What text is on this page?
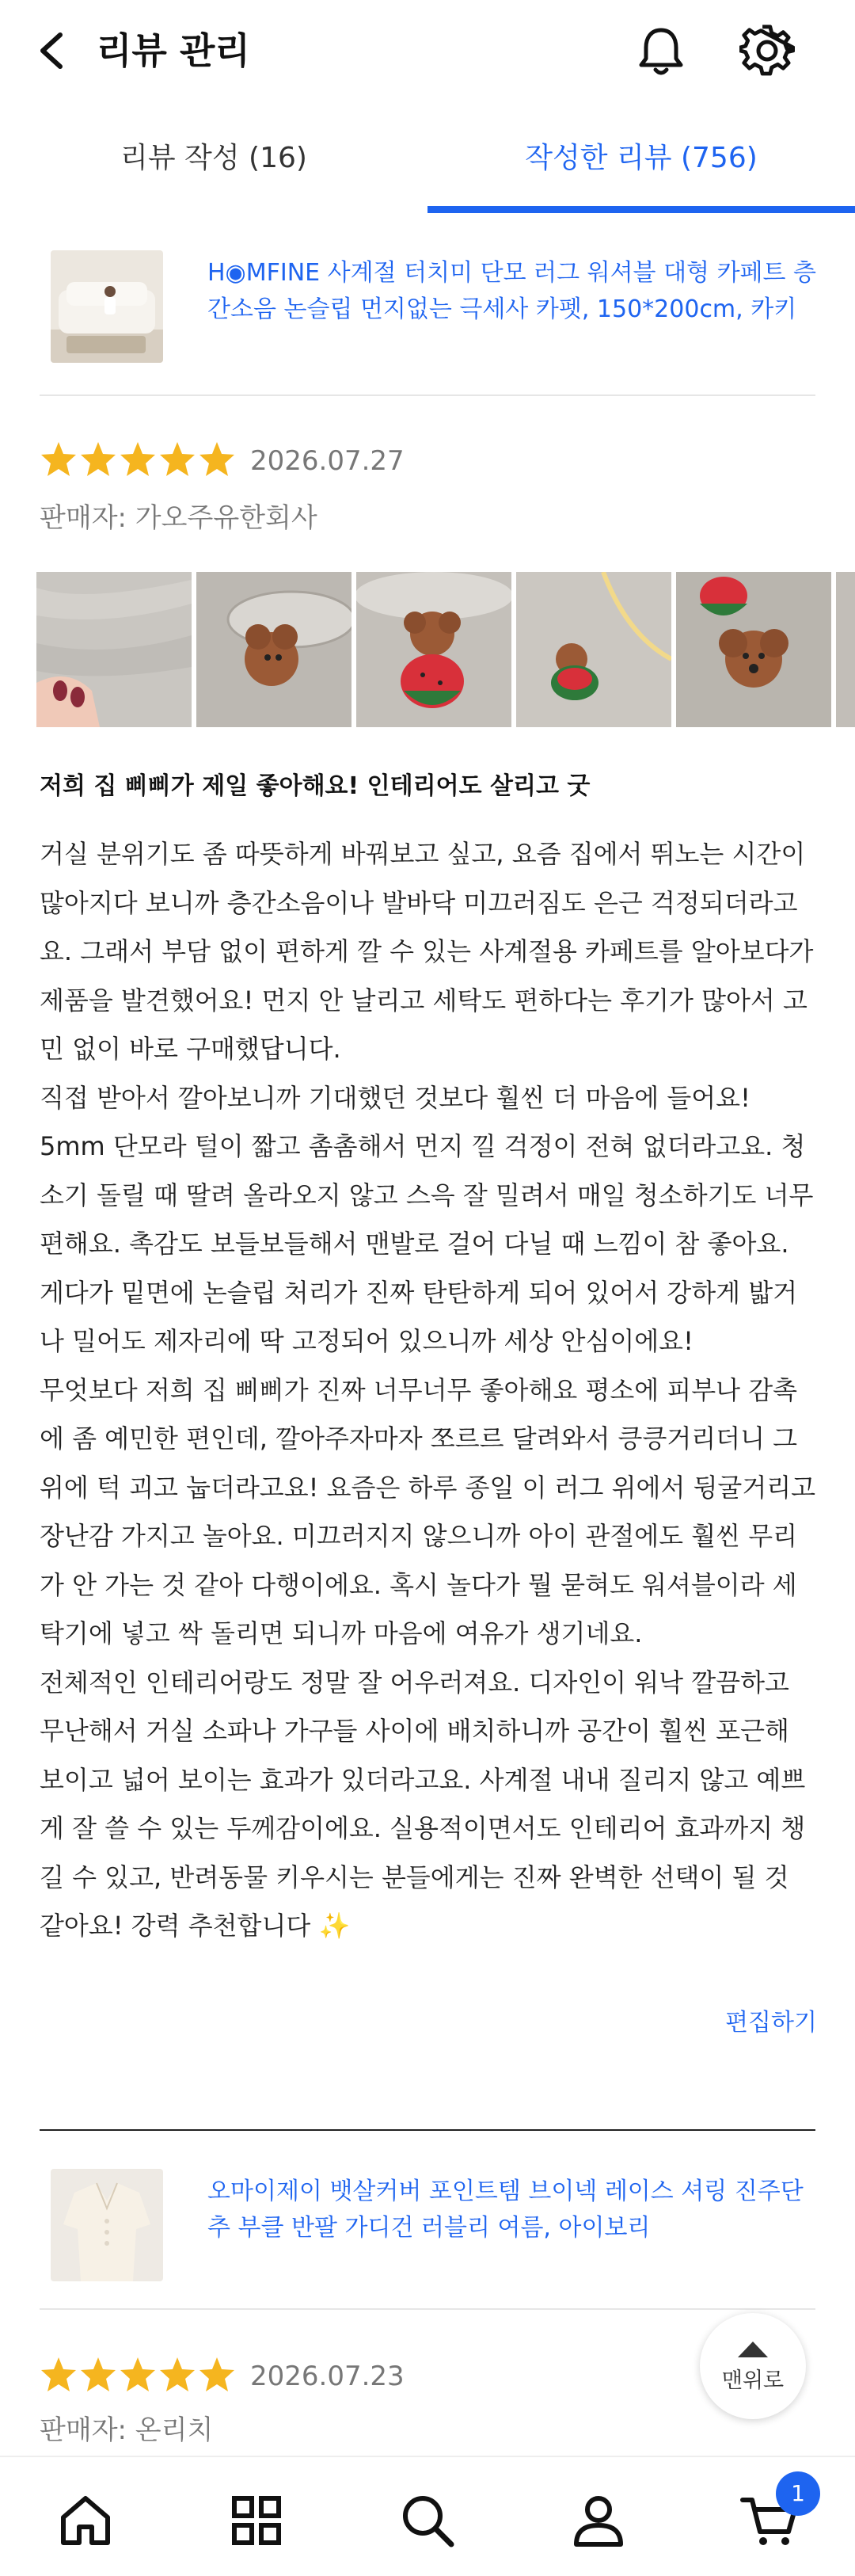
리뷰 관리
리뷰 작성 (16)	작성한 리뷰 (756)
H◉MFINE 사계절 터치미 단모 러그 워셔블 대형 카페트 층간소음 논슬립 먼지없는 극세사 카펫, 150*200cm, 카키
2026.07.27
판매자: 가오주유한회사
저희 집 삐삐가 제일 좋아해요! 인테리어도 살리고 굿

거실 분위기도 좀 따뜻하게 바꿔보고 싶고, 요즘 집에서 뛰노는 시간이 많아지다 보니까 층간소음이나 발바닥 미끄러짐도 은근 걱정되더라고요. 그래서 부담 없이 편하게 깔 수 있는 사계절용 카페트를 알아보다가 제품을 발견했어요! 먼지 안 날리고 세탁도 편하다는 후기가 많아서 고민 없이 바로 구매했답니다.

직접 받아서 깔아보니까 기대했던 것보다 훨씬 더 마음에 들어요! 5mm 단모라 털이 짧고 촘촘해서 먼지 낄 걱정이 전혀 없더라고요. 청소기 돌릴 때 딸려 올라오지 않고 스윽 잘 밀려서 매일 청소하기도 너무 편해요. 촉감도 보들보들해서 맨발로 걸어 다닐 때 느낌이 참 좋아요. 게다가 밑면에 논슬립 처리가 진짜 탄탄하게 되어 있어서 강하게 밟거나 밀어도 제자리에 딱 고정되어 있으니까 세상 안심이에요!

무엇보다 저희 집 삐삐가 진짜 너무너무 좋아해요 평소에 피부나 감촉에 좀 예민한 편인데, 깔아주자마자 쪼르르 달려와서 킁킁거리더니 그 위에 턱 괴고 눕더라고요! 요즘은 하루 종일 이 러그 위에서 뒹굴거리고 장난감 가지고 놀아요. 미끄러지지 않으니까 아이 관절에도 훨씬 무리가 안 가는 것 같아 다행이에요. 혹시 놀다가 뭘 묻혀도 워셔블이라 세탁기에 넣고 싹 돌리면 되니까 마음에 여유가 생기네요.

전체적인 인테리어랑도 정말 잘 어우러져요. 디자인이 워낙 깔끔하고 무난해서 거실 소파나 가구들 사이에 배치하니까 공간이 훨씬 포근해 보이고 넓어 보이는 효과가 있더라고요. 사계절 내내 질리지 않고 예쁘게 잘 쓸 수 있는 두께감이에요. 실용적이면서도 인테리어 효과까지 챙길 수 있고, 반려동물 키우시는 분들에게는 진짜 완벽한 선택이 될 것 같아요! 강력 추천합니다 ✨

편집하기
오마이제이 뱃살커버 포인트템 브이넥 레이스 셔링 진주단추 부클 반팔 가디건 러블리 여름, 아이보리
2026.07.23
판매자: 온리치
맨위로
1
